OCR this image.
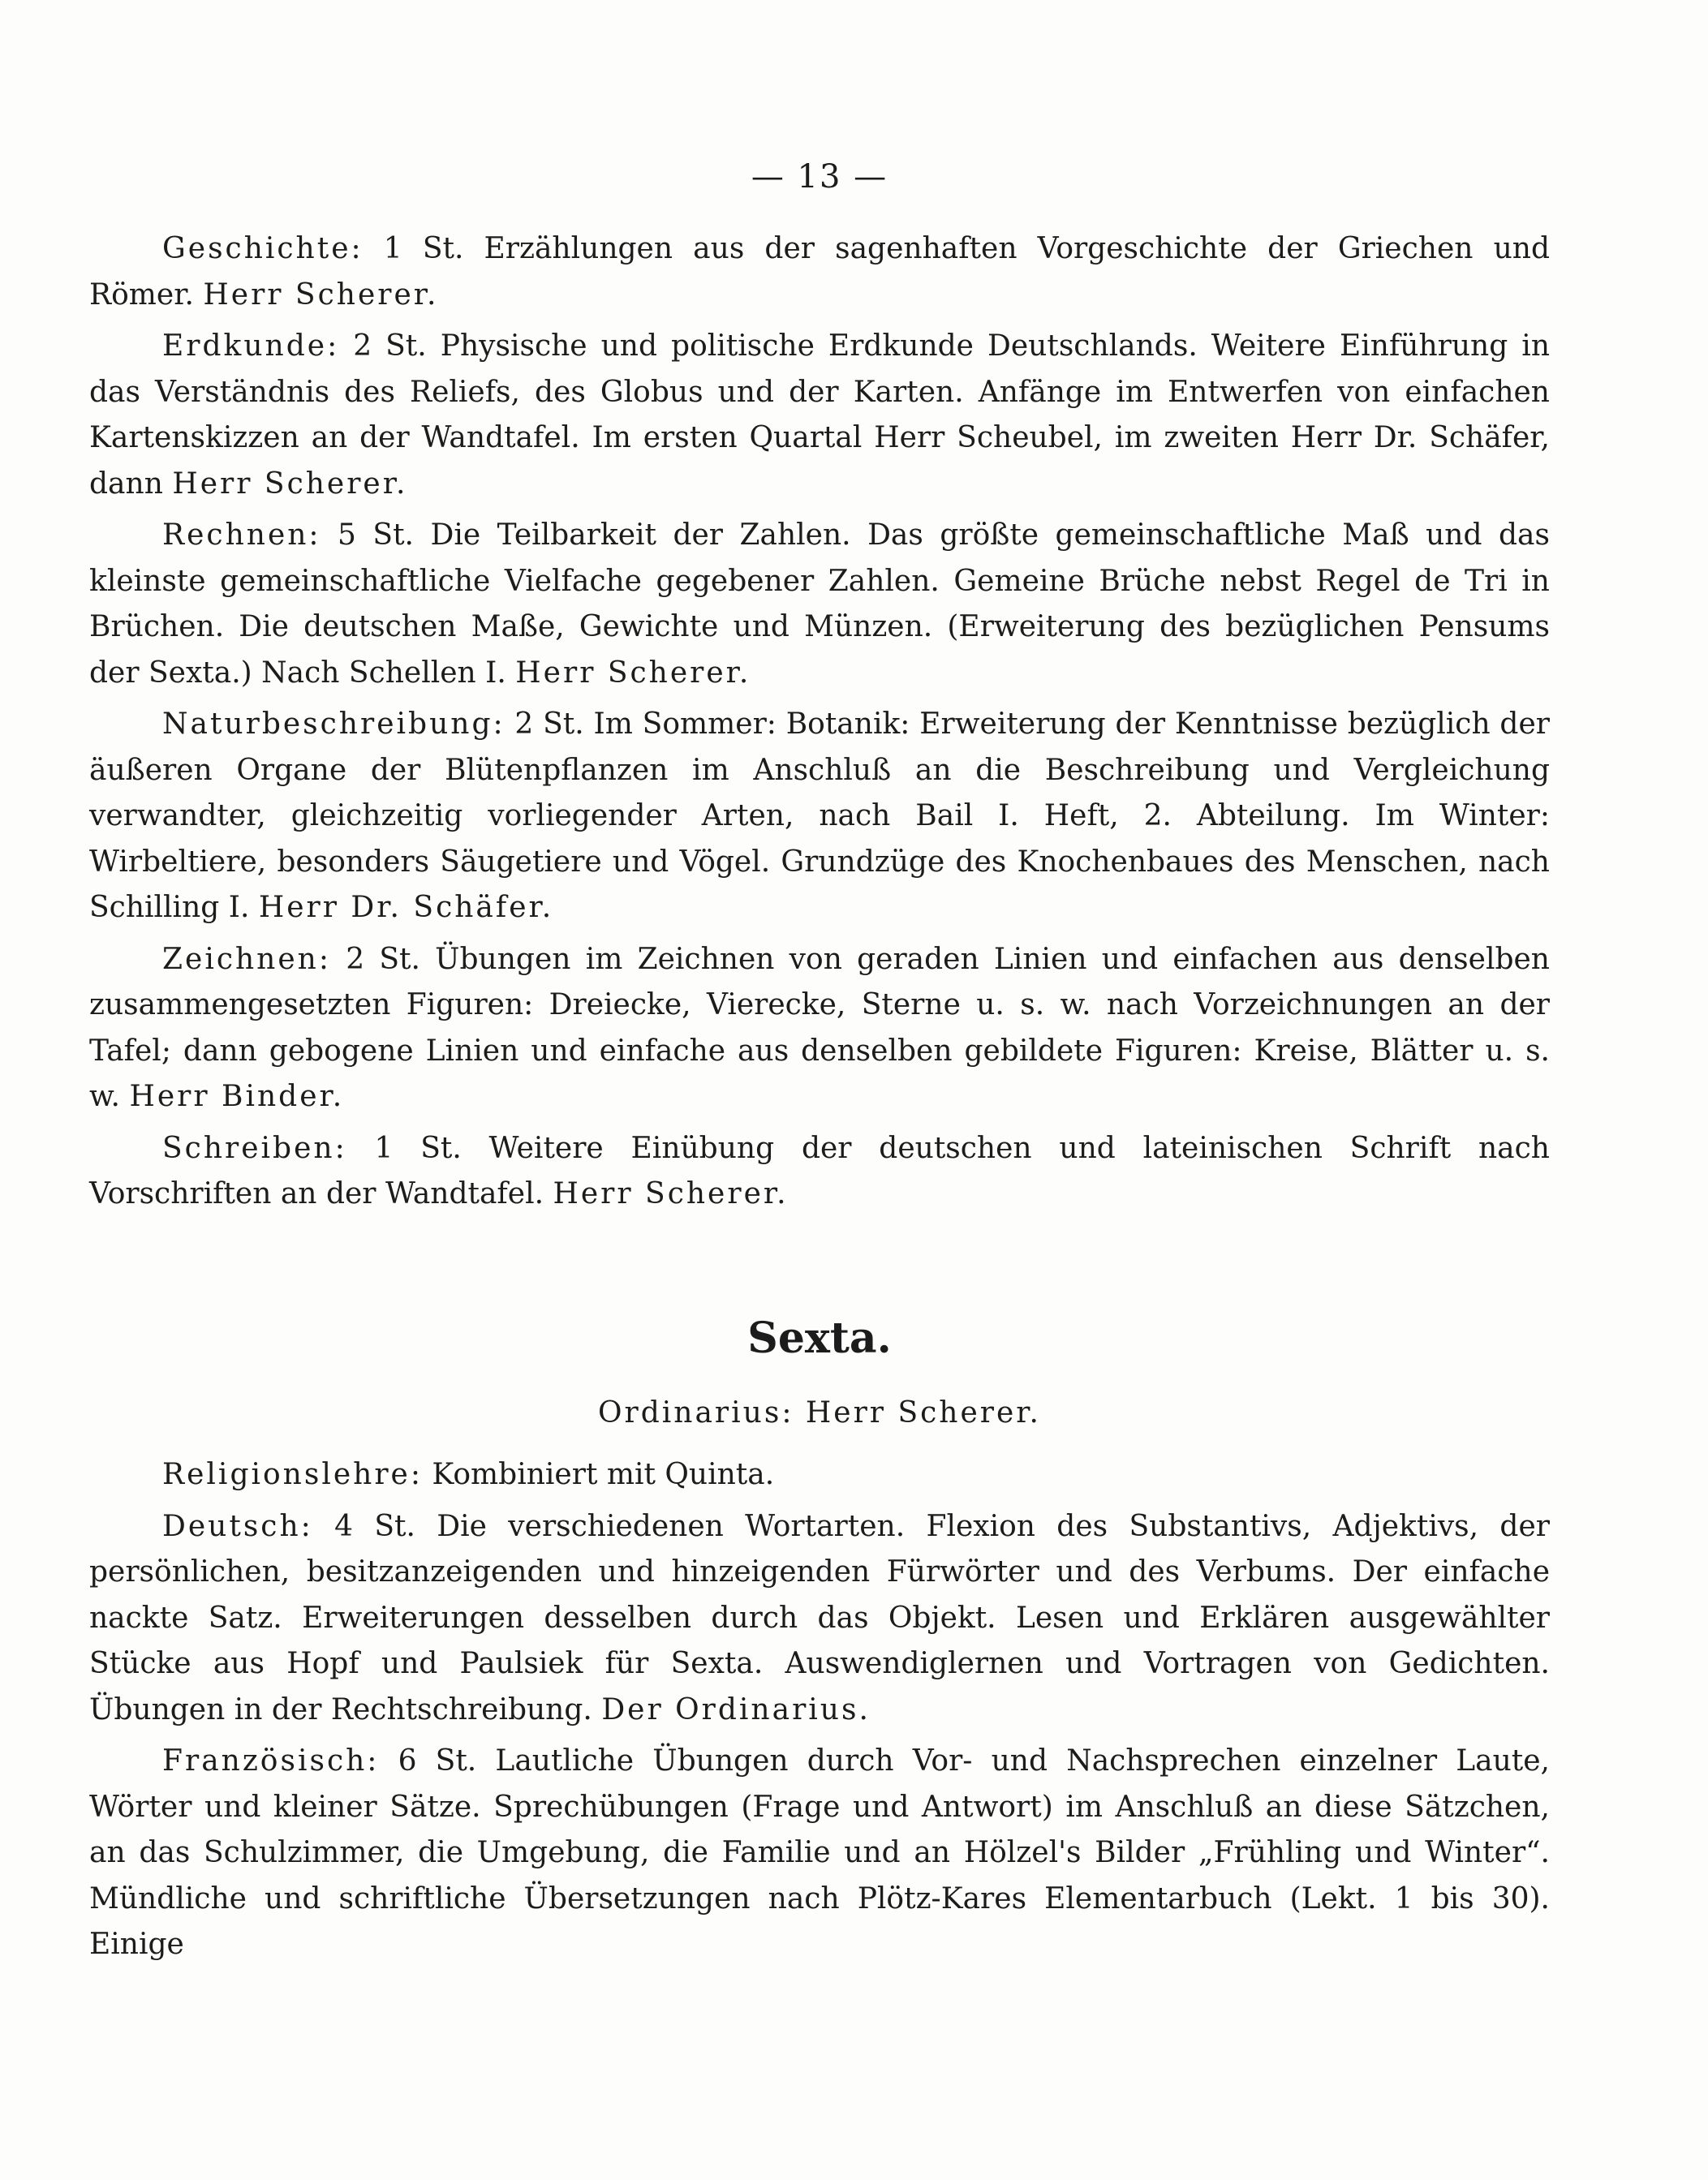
— 13 —

Geschichte: 1 St. Erzählungen aus der sagenhaften Vorgeschichte der Griechen und Römer. Herr Scherer.

Erdkunde: 2 St. Physische und politische Erdkunde Deutschlands. Weitere Einführung in das Verständnis des Reliefs, des Globus und der Karten. Anfänge im Entwerfen von einfachen Kartenskizzen an der Wandtafel. Im ersten Quartal Herr Scheubel, im zweiten Herr Dr. Schäfer, dann Herr Scherer.

Rechnen: 5 St. Die Teilbarkeit der Zahlen. Das größte gemeinschaftliche Maß und das kleinste gemeinschaftliche Vielfache gegebener Zahlen. Gemeine Brüche nebst Regel de Tri in Brüchen. Die deutschen Maße, Gewichte und Münzen. (Erweiterung des bezüglichen Pensums der Sexta.) Nach Schellen I. Herr Scherer.

Naturbeschreibung: 2 St. Im Sommer: Botanik: Erweiterung der Kenntnisse bezüglich der äußeren Organe der Blütenpflanzen im Anschluß an die Beschreibung und Vergleichung verwandter, gleichzeitig vorliegender Arten, nach Bail I. Heft, 2. Abteilung. Im Winter: Wirbeltiere, besonders Säugetiere und Vögel. Grundzüge des Knochenbaues des Menschen, nach Schilling I. Herr Dr. Schäfer.

Zeichnen: 2 St. Übungen im Zeichnen von geraden Linien und einfachen aus denselben zusammengesetzten Figuren: Dreiecke, Vierecke, Sterne u. s. w. nach Vorzeichnungen an der Tafel; dann gebogene Linien und einfache aus denselben gebildete Figuren: Kreise, Blätter u. s. w. Herr Binder.

Schreiben: 1 St. Weitere Einübung der deutschen und lateinischen Schrift nach Vorschriften an der Wandtafel. Herr Scherer.

Sexta.
Ordinarius: Herr Scherer.

Religionslehre: Kombiniert mit Quinta.

Deutsch: 4 St. Die verschiedenen Wortarten. Flexion des Substantivs, Adjektivs, der persönlichen, besitzanzeigenden und hinzeigenden Fürwörter und des Verbums. Der einfache nackte Satz. Erweiterungen desselben durch das Objekt. Lesen und Erklären ausgewählter Stücke aus Hopf und Paulsiek für Sexta. Auswendiglernen und Vortragen von Gedichten. Übungen in der Rechtschreibung. Der Ordinarius.

Französisch: 6 St. Lautliche Übungen durch Vor- und Nachsprechen einzelner Laute, Wörter und kleiner Sätze. Sprechübungen (Frage und Antwort) im Anschluß an diese Sätzchen, an das Schulzimmer, die Umgebung, die Familie und an Hölzel's Bilder „Frühling und Winter“. Mündliche und schriftliche Übersetzungen nach Plötz-Kares Elementarbuch (Lekt. 1 bis 30). Einige
